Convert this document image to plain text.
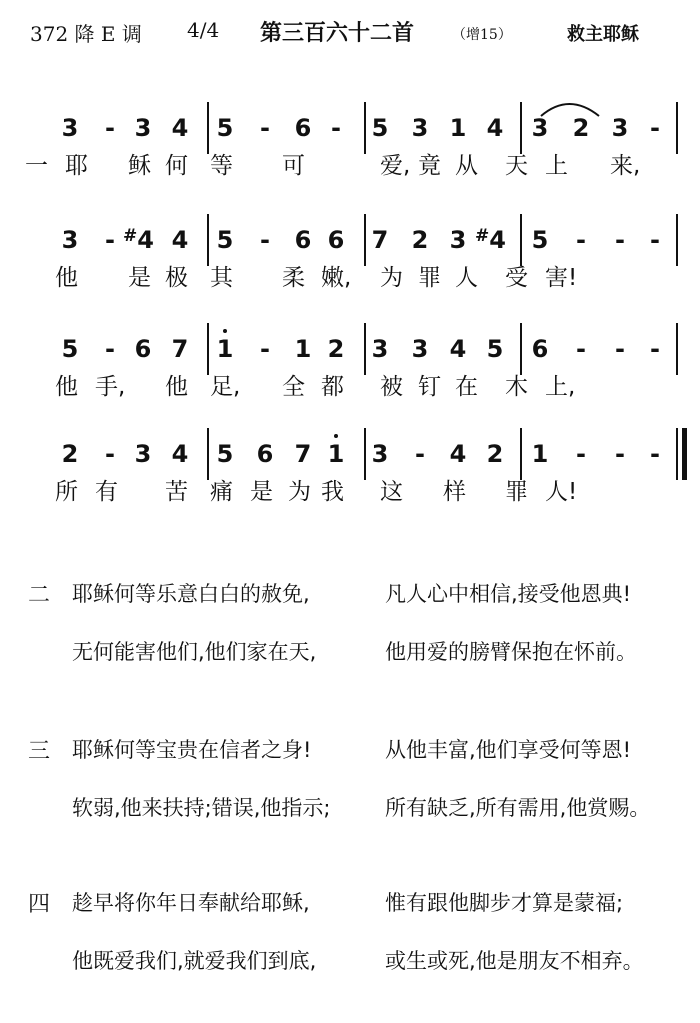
372 降 E 调 4/4 第三百六十二首	（增15）	救主耶稣
3	- 3 4 5	-	6 -	5 3 1 4 3 2 3 -
一 耶	稣 何 等	可	爱, 竟 从	天 上	来,
3	- #4 4 5	-	6 6 7 2 3 #4 5	-	-	-
他	是 极 其	柔 嫩, 为 罪 人	受 害!
5	- 6 7 1	-	1 2 3 3 4 5 6	-	-	-
他 手, 他 足, 全 都	被 钉 在	木 上,
2	- 3 4 5 6 7 1 3	-	4 2 1	-	-	-
所 有	苦 痛 是 为 我	这	样	罪 人!
二 耶稣何等乐意白白的赦免,	凡人心中相信,接受他恩典!
无何能害他们,他们家在天,	他用爱的膀臂保抱在怀前。
三 耶稣何等宝贵在信者之身!	从他丰富,他们享受何等恩!
软弱,他来扶持;错误,他指示;	所有缺乏,所有需用,他赏赐。
四 趁早将你年日奉献给耶稣,	惟有跟他脚步才算是蒙福;
他既爱我们,就爱我们到底,	或生或死,他是朋友不相弃。
